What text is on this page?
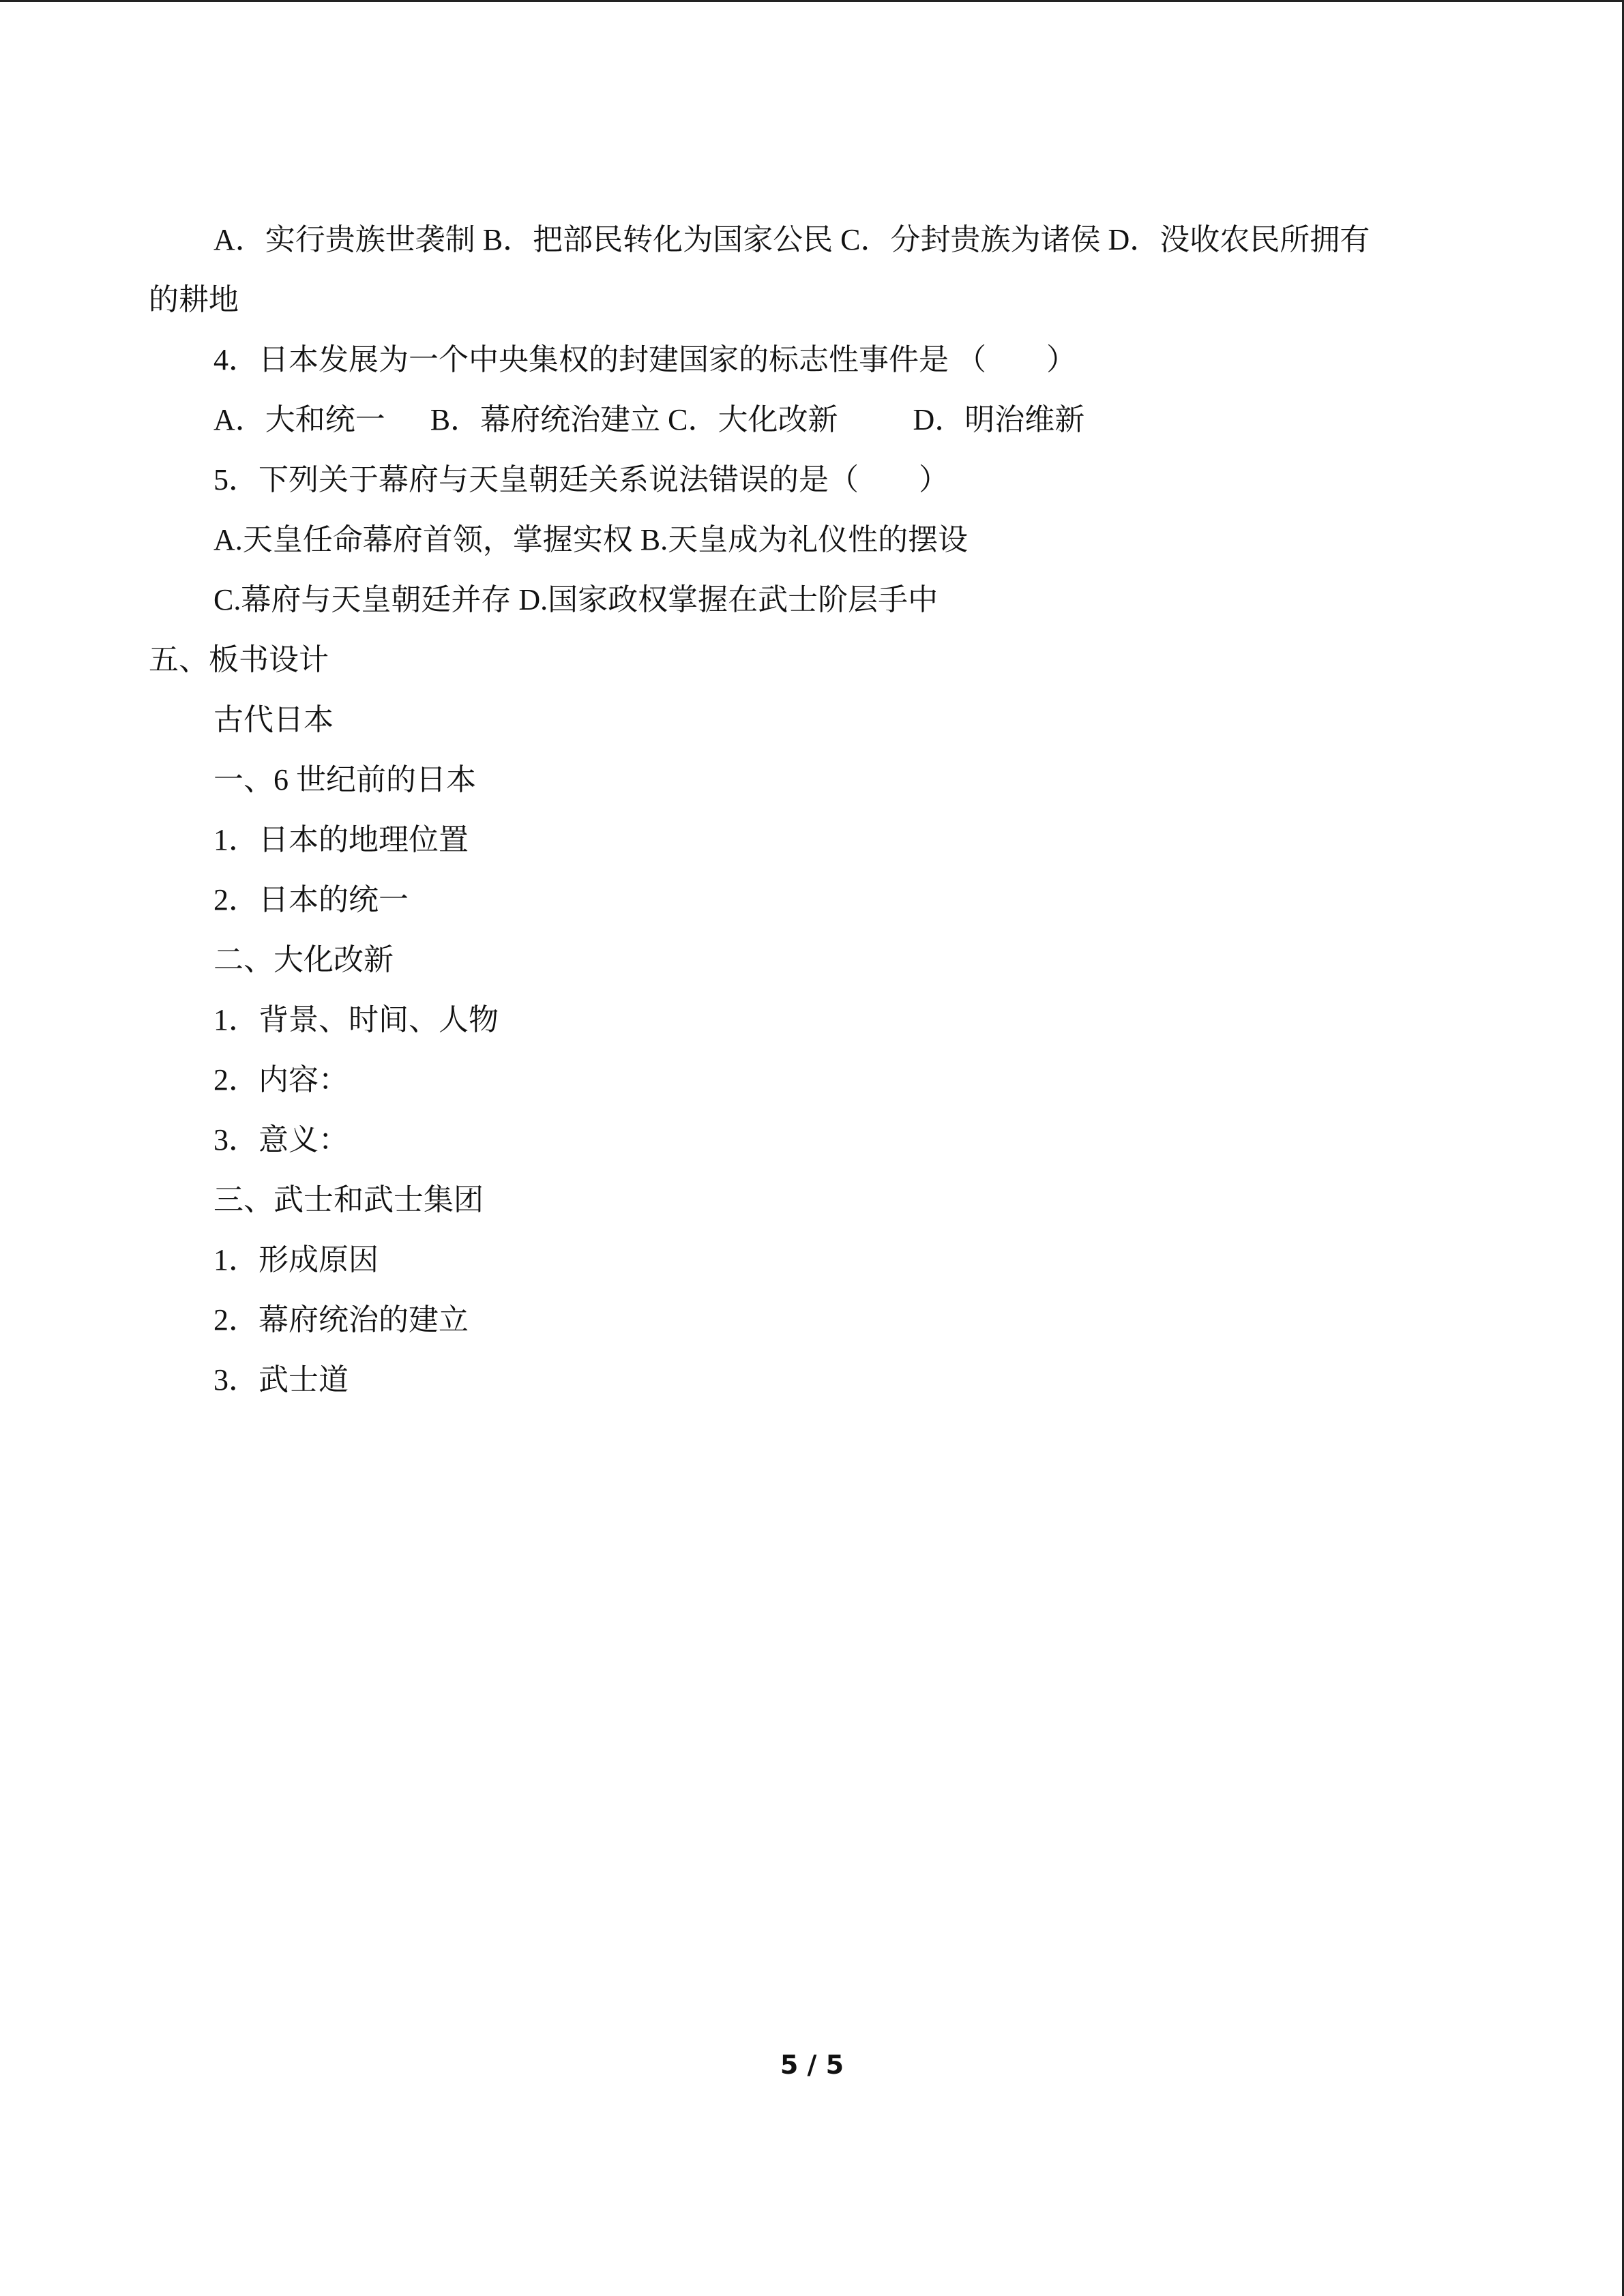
A．实行贵族世袭制 B．把部民转化为国家公民 C．分封贵族为诸侯 D．没收农民所拥有

的耕地

4．日本发展为一个中央集权的封建国家的标志性事件是 （　　）

A．大和统一 　 B．幕府统治建立 C．大化改新 　　 D．明治维新

5．下列关于幕府与天皇朝廷关系说法错误的是（　　）

A.天皇任命幕府首领，掌握实权 B.天皇成为礼仪性的摆设

C.幕府与天皇朝廷并存 D.国家政权掌握在武士阶层手中

五、板书设计

古代日本

一、6 世纪前的日本

1．日本的地理位置

2．日本的统一

二、大化改新

1．背景、时间、人物

2．内容：

3．意义：

三、武士和武士集团

1．形成原因

2．幕府统治的建立

3．武士道

5 / 5
